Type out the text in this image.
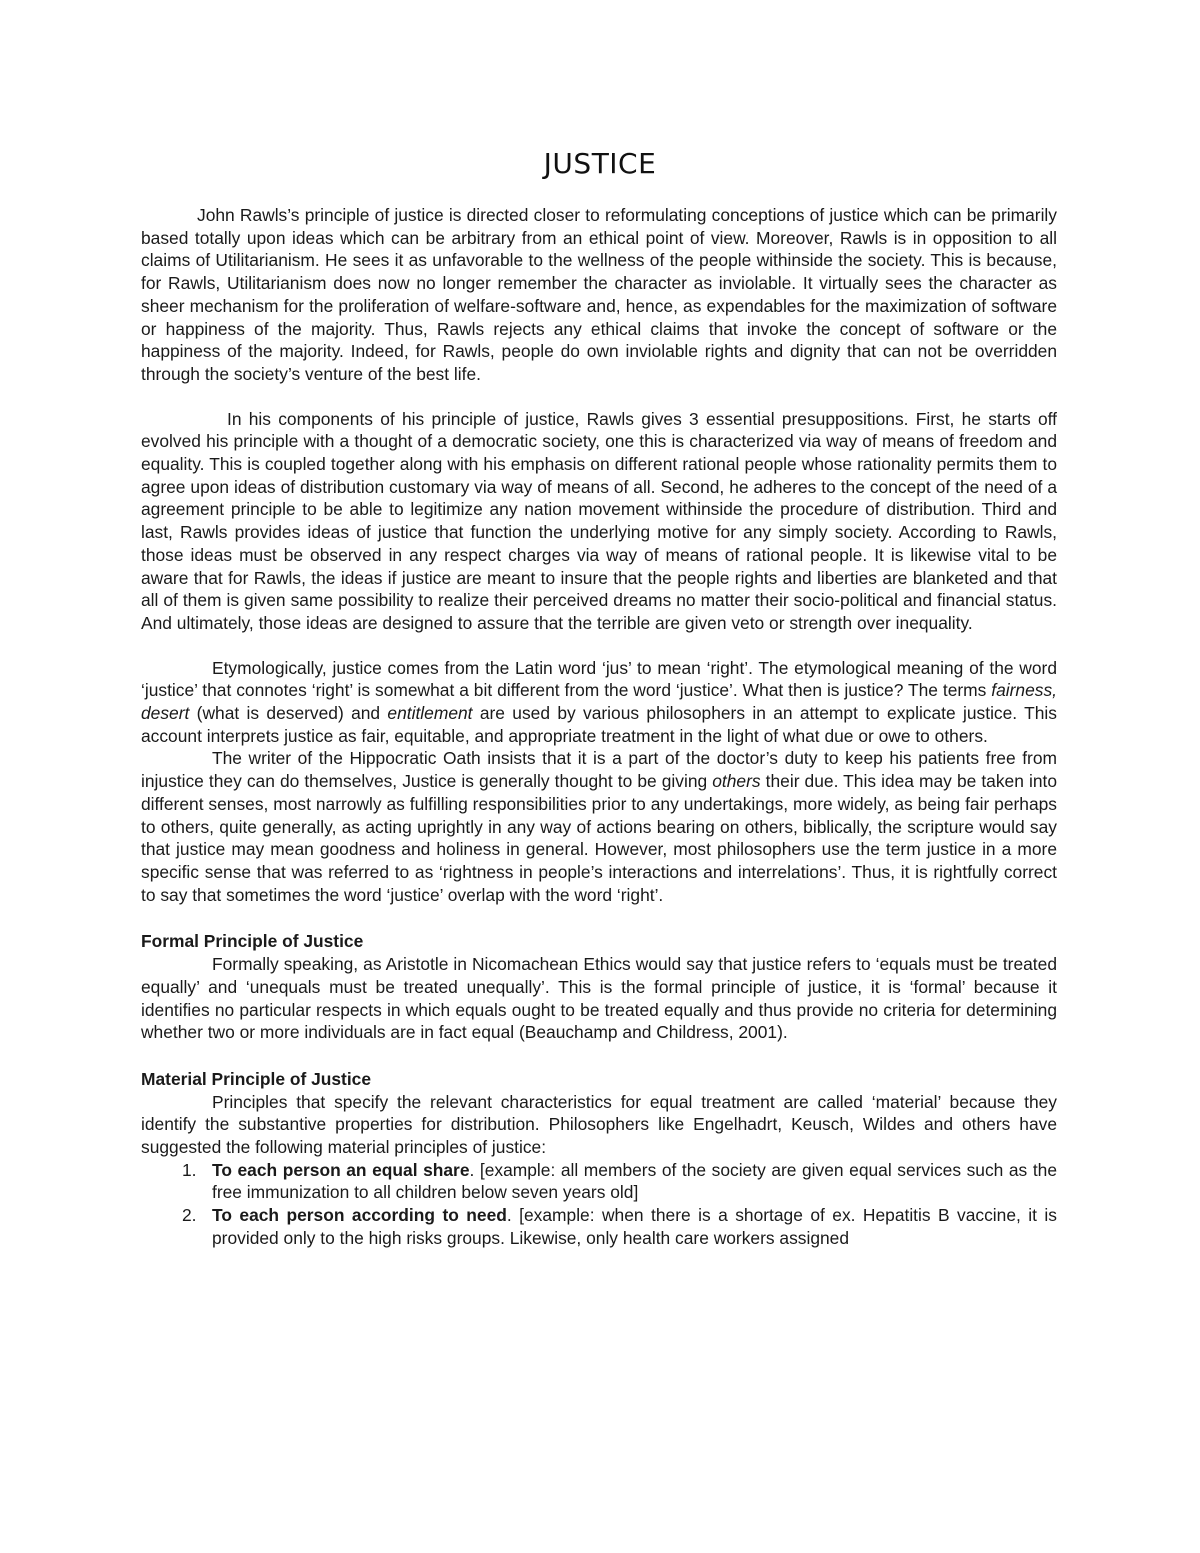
JUSTICE

John Rawls’s principle of justice is directed closer to reformulating conceptions of justice which can be primarily based totally upon ideas which can be arbitrary from an ethical point of view. Moreover, Rawls is in opposition to all claims of Utilitarianism. He sees it as unfavorable to the wellness of the people withinside the society. This is because, for Rawls, Utilitarianism does now no longer remember the character as inviolable. It virtually sees the character as sheer mechanism for the proliferation of welfare-software and, hence, as expendables for the maximization of software or happiness of the majority. Thus, Rawls rejects any ethical claims that invoke the concept of software or the happiness of the majority. Indeed, for Rawls, people do own inviolable rights and dignity that can not be overridden through the society’s venture of the best life.

In his components of his principle of justice, Rawls gives 3 essential presuppositions. First, he starts off evolved his principle with a thought of a democratic society, one this is characterized via way of means of freedom and equality. This is coupled together along with his emphasis on different rational people whose rationality permits them to agree upon ideas of distribution customary via way of means of all. Second, he adheres to the concept of the need of a agreement principle to be able to legitimize any nation movement withinside the procedure of distribution. Third and last, Rawls provides ideas of justice that function the underlying motive for any simply society. According to Rawls, those ideas must be observed in any respect charges via way of means of rational people. It is likewise vital to be aware that for Rawls, the ideas if justice are meant to insure that the people rights and liberties are blanketed and that all of them is given same possibility to realize their perceived dreams no matter their socio-political and financial status. And ultimately, those ideas are designed to assure that the terrible are given veto or strength over inequality.

Etymologically, justice comes from the Latin word ‘jus’ to mean ‘right’. The etymological meaning of the word ‘justice’ that connotes ‘right’ is somewhat a bit different from the word ‘justice’. What then is justice? The terms fairness, desert (what is deserved) and entitlement are used by various philosophers in an attempt to explicate justice. This account interprets justice as fair, equitable, and appropriate treatment in the light of what due or owe to others.

The writer of the Hippocratic Oath insists that it is a part of the doctor’s duty to keep his patients free from injustice they can do themselves, Justice is generally thought to be giving others their due. This idea may be taken into different senses, most narrowly as fulfilling responsibilities prior to any undertakings, more widely, as being fair perhaps to others, quite generally, as acting uprightly in any way of actions bearing on others, biblically, the scripture would say that justice may mean goodness and holiness in general. However, most philosophers use the term justice in a more specific sense that was referred to as ‘rightness in people’s interactions and interrelations’. Thus, it is rightfully correct to say that sometimes the word ‘justice’ overlap with the word ‘right’.

Formal Principle of Justice

Formally speaking, as Aristotle in Nicomachean Ethics would say that justice refers to ‘equals must be treated equally’ and ‘unequals must be treated unequally’. This is the formal principle of justice, it is ‘formal’ because it identifies no particular respects in which equals ought to be treated equally and thus provide no criteria for determining whether two or more individuals are in fact equal (Beauchamp and Childress, 2001).

Material Principle of Justice

Principles that specify the relevant characteristics for equal treatment are called ‘material’ because they identify the substantive properties for distribution. Philosophers like Engelhadrt, Keusch, Wildes and others have suggested the following material principles of justice:

1. To each person an equal share. [example: all members of the society are given equal services such as the free immunization to all children below seven years old]
2. To each person according to need. [example: when there is a shortage of ex. Hepatitis B vaccine, it is provided only to the high risks groups. Likewise, only health care workers assigned
